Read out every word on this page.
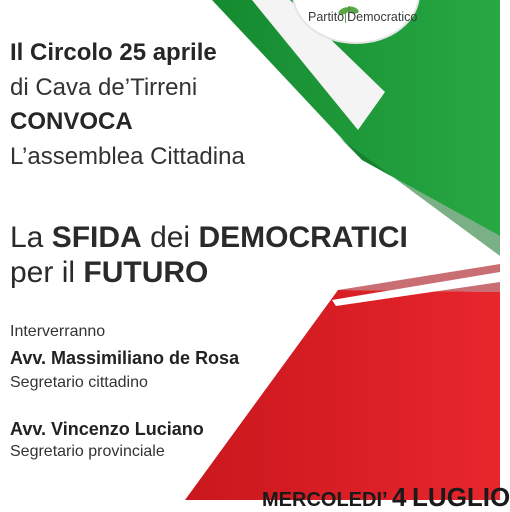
Partito Democratico
Il Circolo 25 aprile
di Cava de’Tirreni
CONVOCA
L’assemblea Cittadina
La SFIDA dei DEMOCRATICI
per il FUTURO
Interverranno
Avv. Massimiliano de Rosa
Segretario cittadino
Avv. Vincenzo Luciano
Segretario provinciale
MERCOLEDI’ 4 LUGLIO
